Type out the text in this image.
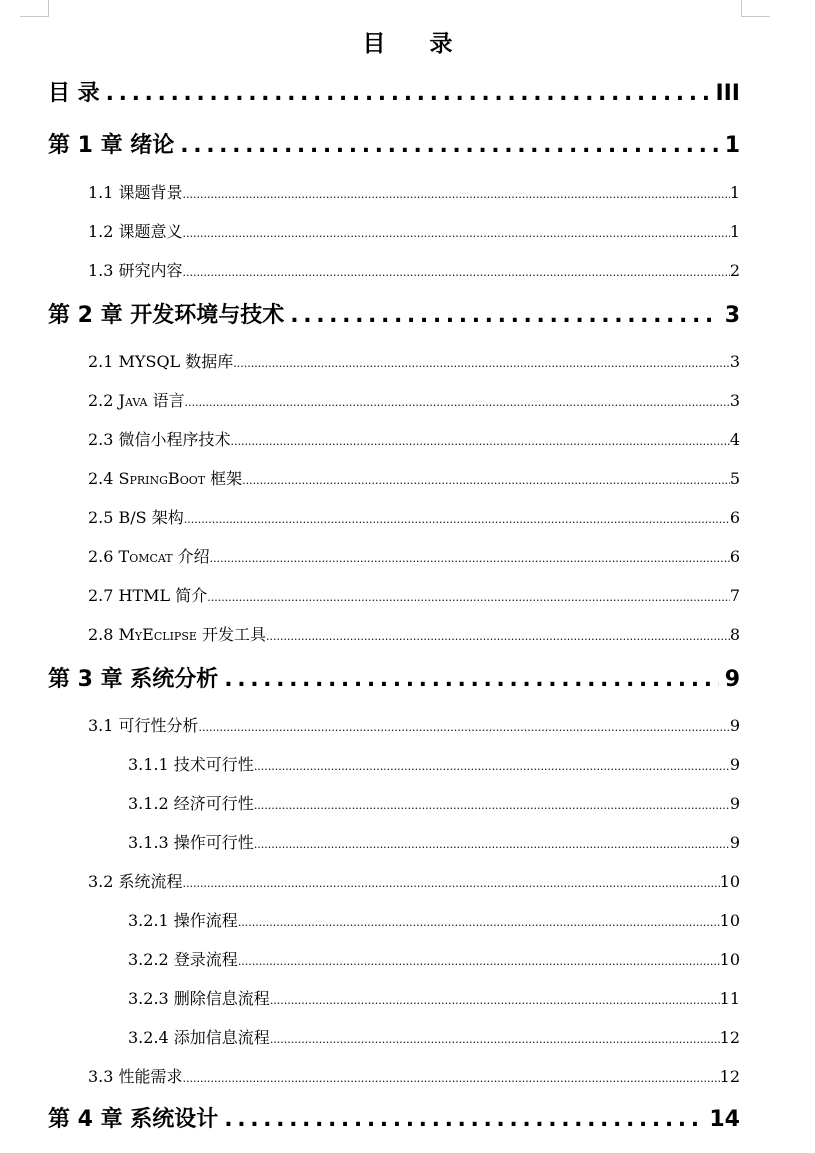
目 录
目 录 .....	III
第 1 章 绪论 .....	1
1.1 课题背景 .....	1
1.2 课题意义 .....	1
1.3 研究内容 .....	2
第 2 章 开发环境与技术 .....	3
2.1 MYSQL 数据库 .....	3
2.2 Java 语言 .....	3
2.3 微信小程序技术 .....	4
2.4 SpringBoot 框架 .....	5
2.5 B/S 架构 .....	6
2.6 Tomcat 介绍 .....	6
2.7 HTML 简介 .....	7
2.8 MyEclipse 开发工具 .....	8
第 3 章 系统分析 .....	9
3.1 可行性分析 .....	9
3.1.1 技术可行性 .....	9
3.1.2 经济可行性 .....	9
3.1.3 操作可行性 .....	9
3.2 系统流程 .....	10
3.2.1 操作流程 .....	10
3.2.2 登录流程 .....	10
3.2.3 删除信息流程 .....	11
3.2.4 添加信息流程 .....	12
3.3 性能需求 .....	12
第 4 章 系统设计 .....	14
